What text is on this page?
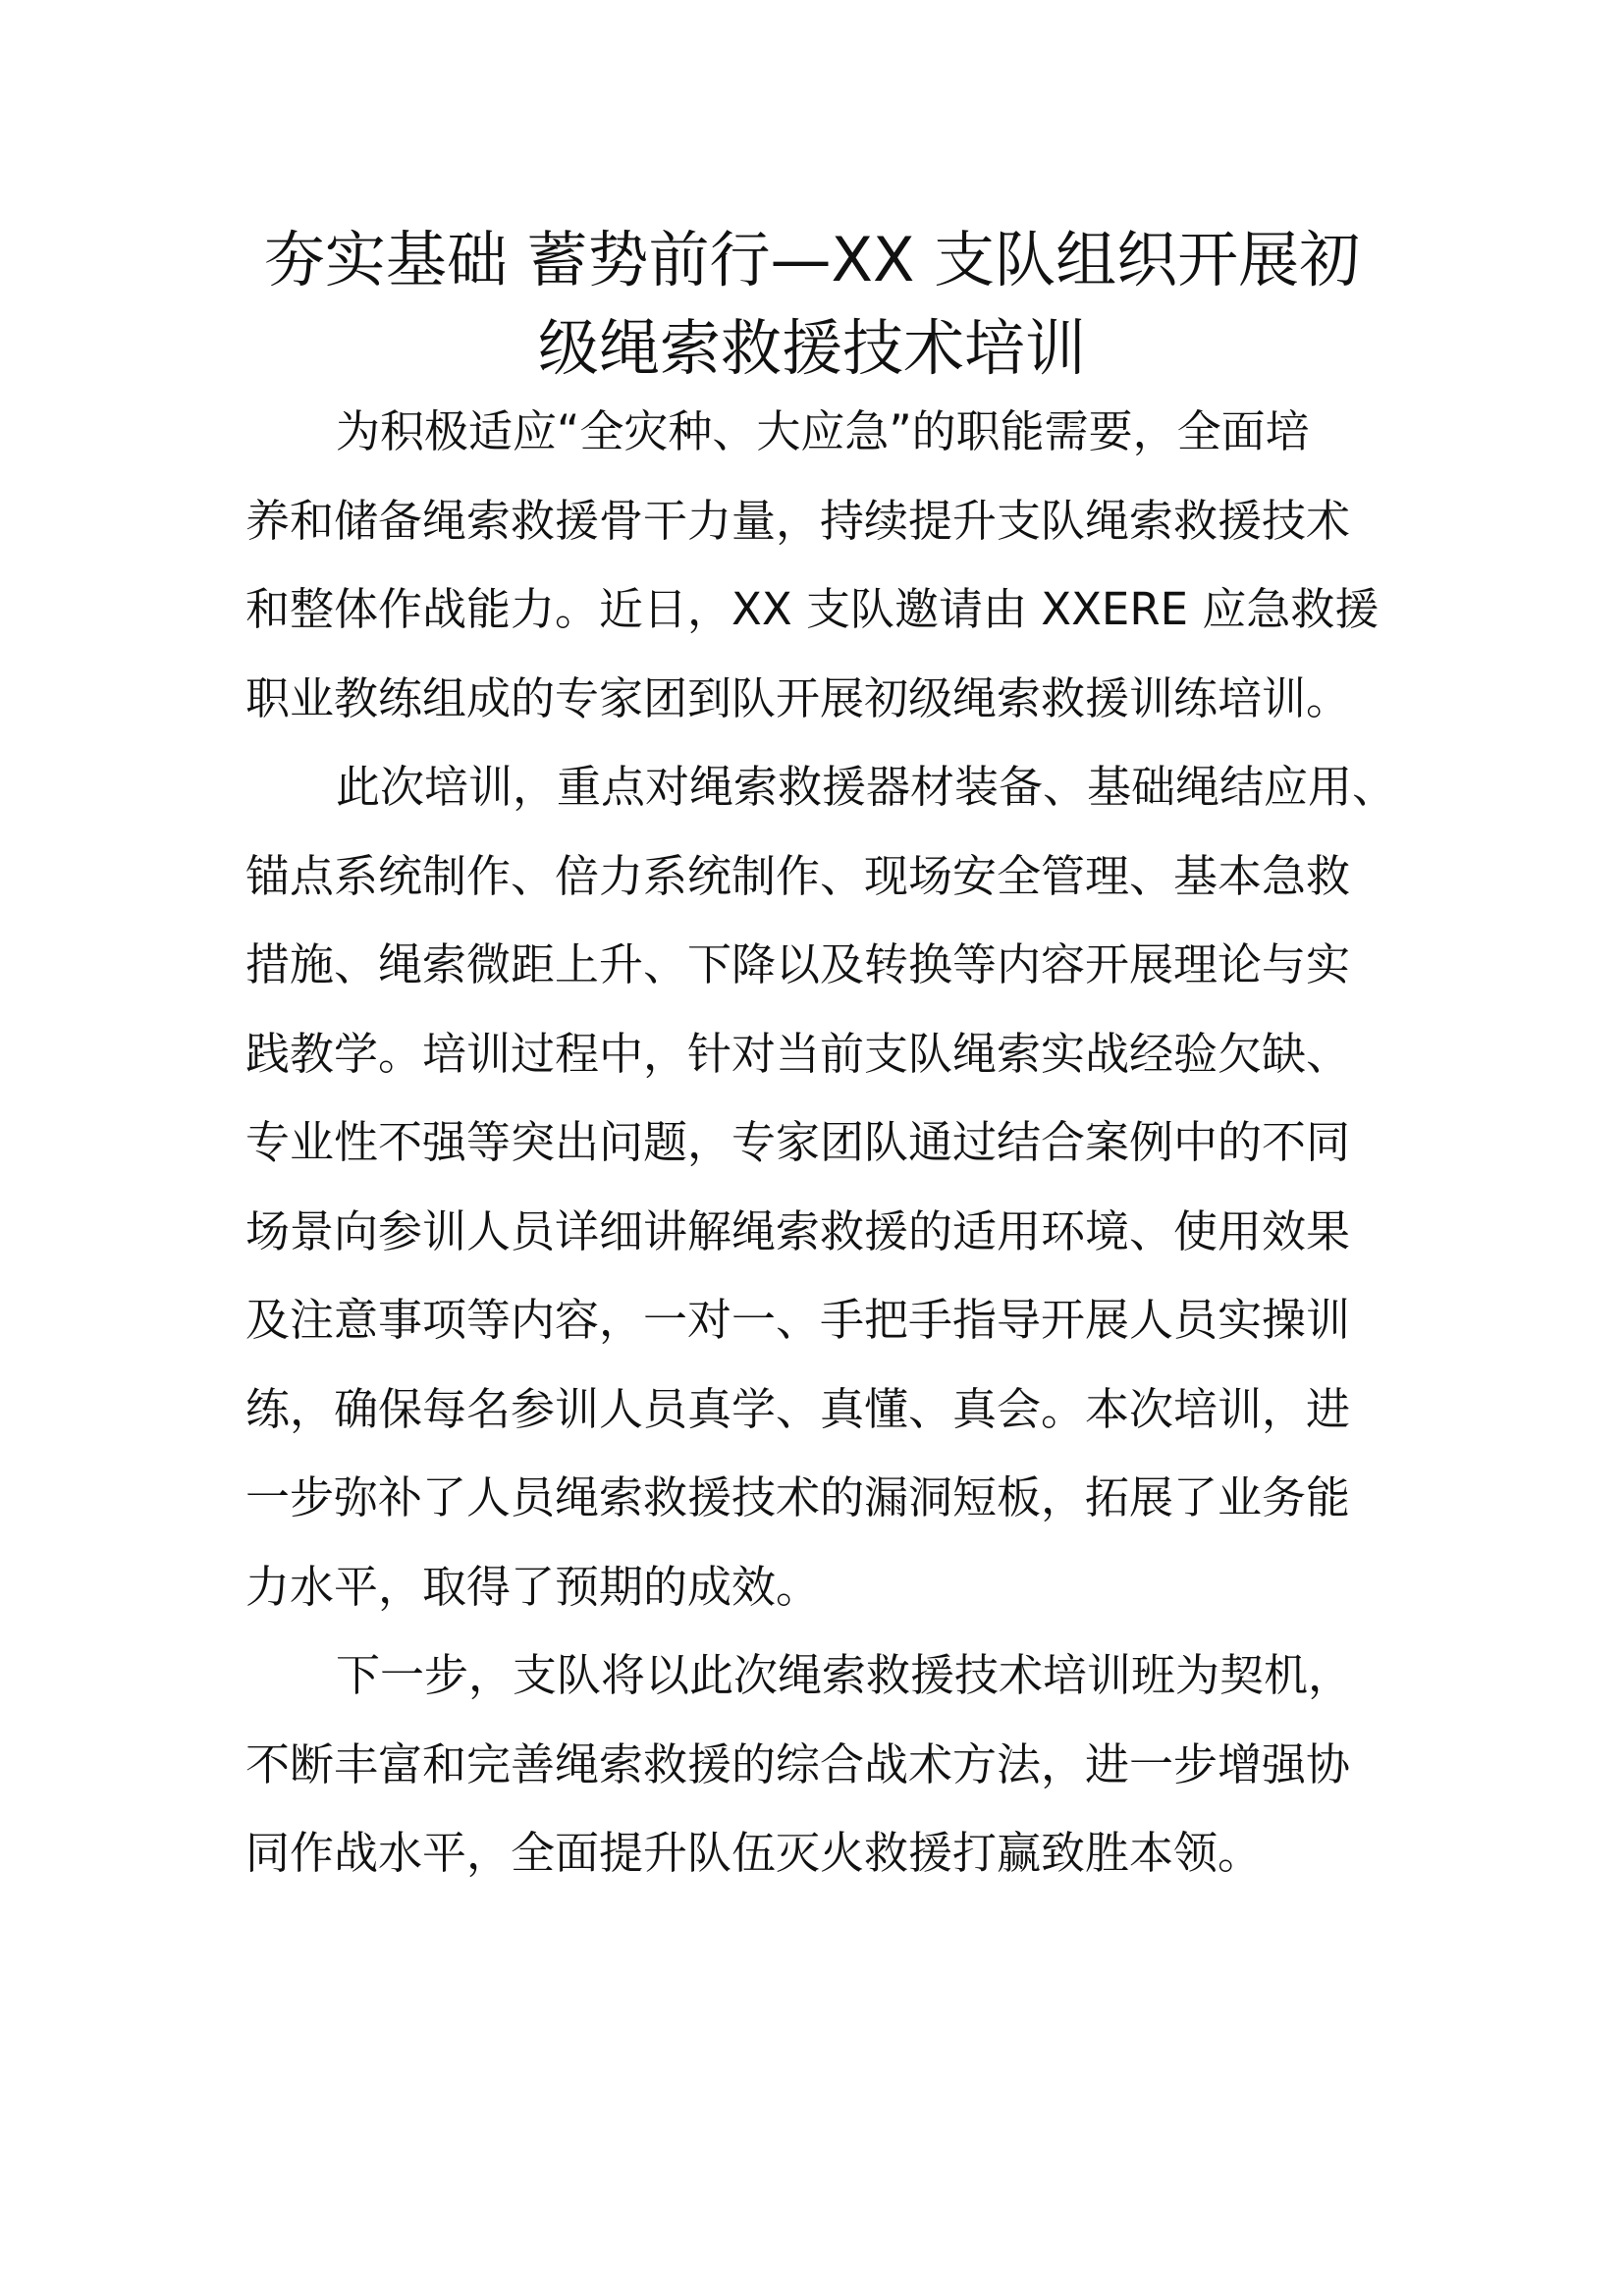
夯实基础 蓄势前行—XX 支队组织开展初
级绳索救援技术培训

为积极适应“全灾种、大应急”的职能需要，全面培
养和储备绳索救援骨干力量，持续提升支队绳索救援技术
和整体作战能力。近日，XX 支队邀请由 XXERE 应急救援
职业教练组成的专家团到队开展初级绳索救援训练培训。

此次培训，重点对绳索救援器材装备、基础绳结应用、
锚点系统制作、倍力系统制作、现场安全管理、基本急救
措施、绳索微距上升、下降以及转换等内容开展理论与实
践教学。培训过程中，针对当前支队绳索实战经验欠缺、
专业性不强等突出问题，专家团队通过结合案例中的不同
场景向参训人员详细讲解绳索救援的适用环境、使用效果
及注意事项等内容，一对一、手把手指导开展人员实操训
练，确保每名参训人员真学、真懂、真会。本次培训，进
一步弥补了人员绳索救援技术的漏洞短板，拓展了业务能
力水平，取得了预期的成效。

下一步，支队将以此次绳索救援技术培训班为契机，
不断丰富和完善绳索救援的综合战术方法，进一步增强协
同作战水平，全面提升队伍灭火救援打赢致胜本领。
